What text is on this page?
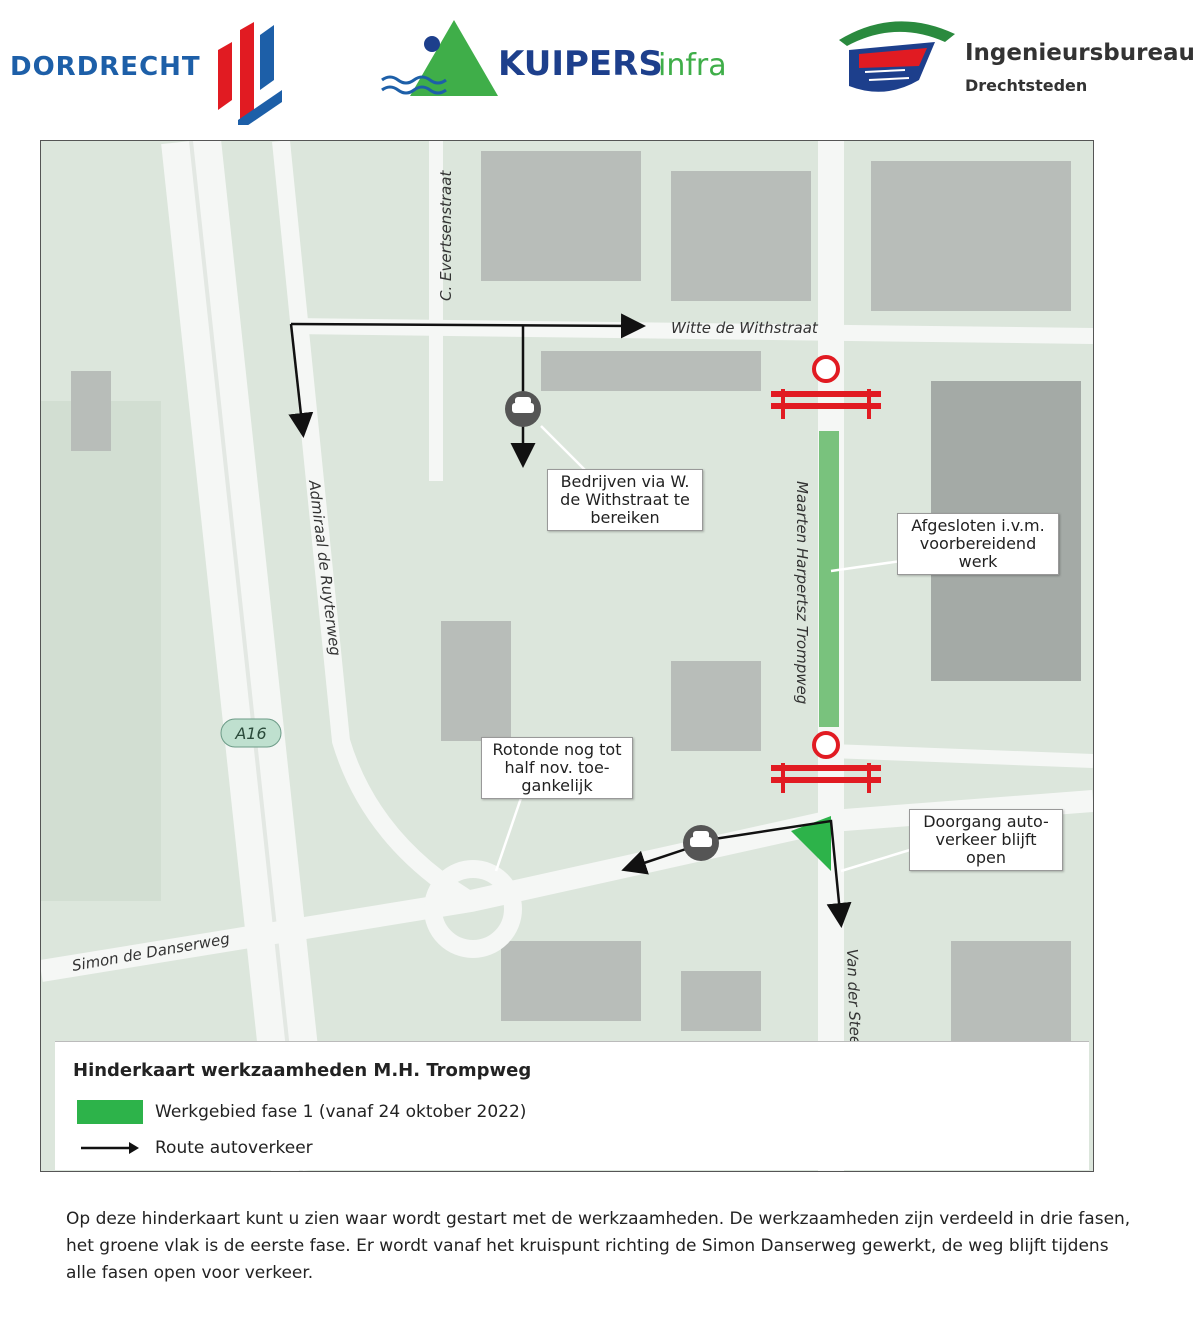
DORDRECHT	KUIPERS
infra	Ingenieursbureau
Drechtsteden
A16
Witte de Withstraat
C. Evertsenstraat
Admiraal de Ruyterweg	Maarten Harpertsz Trompweg
Simon de Danserweg
Bedrijven via W.
de Withstraat te
bereiken	Afgesloten i.v.m.
voorbereidend
werk
Rotonde nog tot
half nov. toe-
gankelijk
Doorgang auto-
verkeer blijft
open
Hinderkaart werkzaamheden M.H. Trompweg
Werkgebied fase 1 (vanaf 24 oktober 2022)
Route autoverkeer
Op deze hinderkaart kunt u zien waar wordt gestart met de werkzaamheden. De werkzaamheden zijn verdeeld in drie fasen, het groene vlak is de eerste fase. Er wordt vanaf het kruispunt richting de Simon Danserweg gewerkt, de weg blijft tijdens alle fasen open voor verkeer.
